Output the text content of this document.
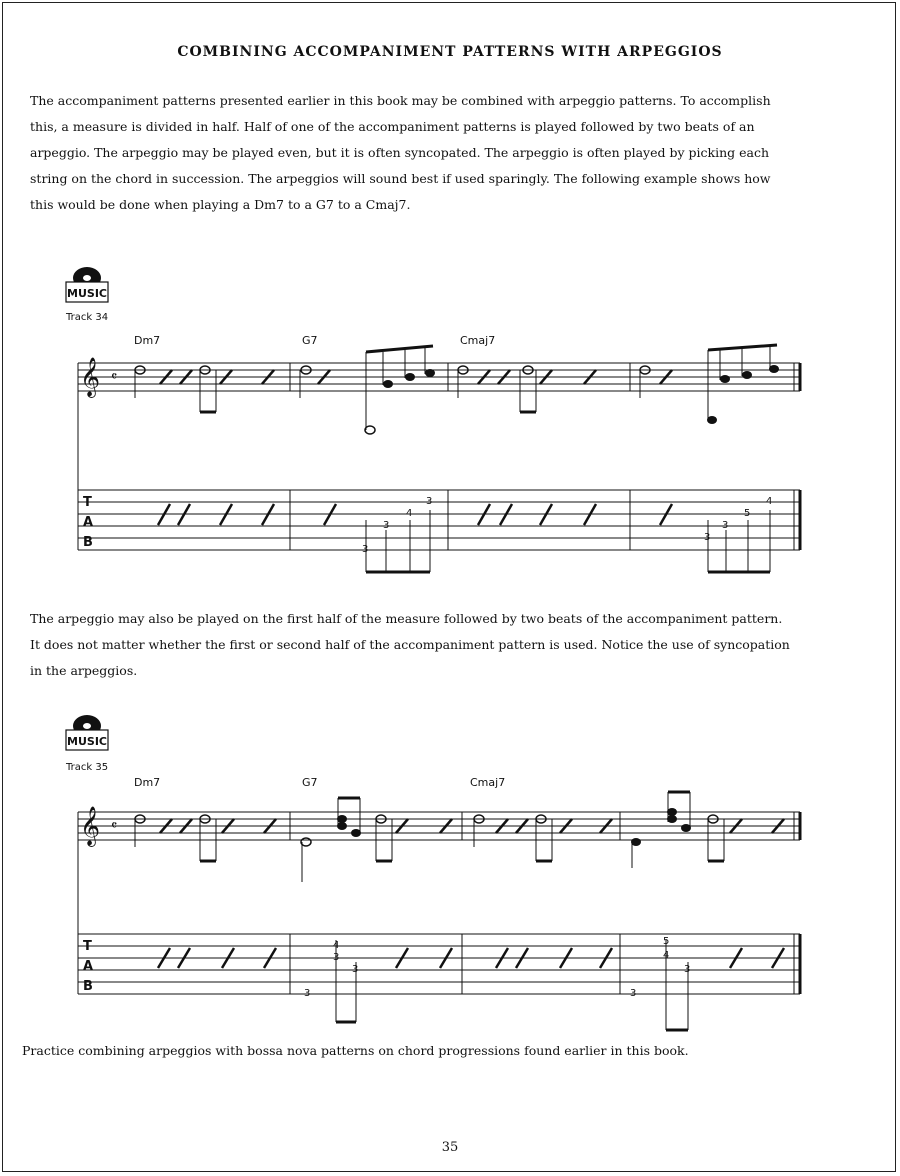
COMBINING ACCOMPANIMENT PATTERNS WITH ARPEGGIOS
The accompaniment patterns presented earlier in this book may be combined with arpeggio patterns. To accomplish
this, a measure is divided in half. Half of one of the accompaniment patterns is played followed by two beats of an
arpeggio. The arpeggio may be played even, but it is often syncopated. The arpeggio is often played by picking each
string on the chord in succession. The arpeggios will sound best if used sparingly. The following example shows how
this would be done when playing a Dm7 to a G7 to a Cmaj7.
MUSIC
Track 34
Dm7	G7	Cmaj7
𝄞 𝄴
T
A
B	3
3
4
3
3
3
5
4
The arpeggio may also be played on the first half of the measure followed by two beats of the accompaniment pattern.
It does not matter whether the first or second half of the accompaniment pattern is used. Notice the use of syncopation
in the arpeggios.
MUSIC
Track 35
Dm7	G7	Cmaj7
𝄞 𝄴
T
A
B	3
4
3
3
5
4
3
3
Practice combining arpeggios with bossa nova patterns on chord progressions found earlier in this book.
35
